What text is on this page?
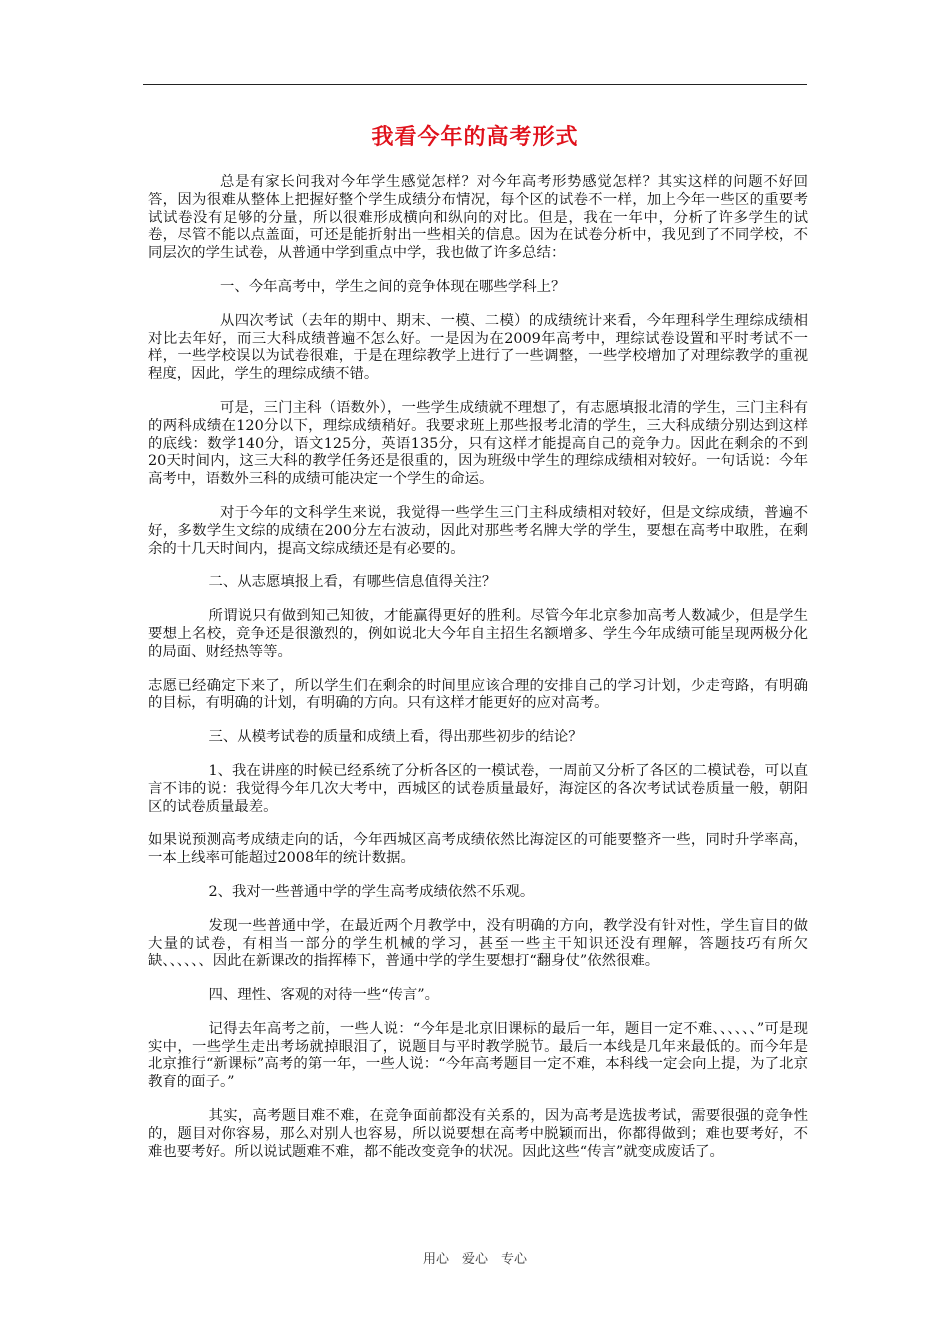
我看今年的高考形式

总是有家长问我对今年学生感觉怎样？对今年高考形势感觉怎样？其实这样的问题不好回答，因为很难从整体上把握好整个学生成绩分布情况，每个区的试卷不一样，加上今年一些区的重要考试试卷没有足够的分量，所以很难形成横向和纵向的对比。但是，我在一年中，分析了许多学生的试卷，尽管不能以点盖面，可还是能折射出一些相关的信息。因为在试卷分析中，我见到了不同学校，不同层次的学生试卷，从普通中学到重点中学，我也做了许多总结：

一、今年高考中，学生之间的竞争体现在哪些学科上？

从四次考试（去年的期中、期末、一模、二模）的成绩统计来看，今年理科学生理综成绩相对比去年好，而三大科成绩普遍不怎么好。一是因为在2009年高考中，理综试卷设置和平时考试不一样，一些学校误以为试卷很难，于是在理综教学上进行了一些调整，一些学校增加了对理综教学的重视程度，因此，学生的理综成绩不错。

可是，三门主科（语数外），一些学生成绩就不理想了，有志愿填报北清的学生，三门主科有的两科成绩在120分以下，理综成绩稍好。我要求班上那些报考北清的学生，三大科成绩分别达到这样的底线：数学140分，语文125分，英语135分，只有这样才能提高自己的竞争力。因此在剩余的不到20天时间内，这三大科的教学任务还是很重的，因为班级中学生的理综成绩相对较好。一句话说：今年高考中，语数外三科的成绩可能决定一个学生的命运。

对于今年的文科学生来说，我觉得一些学生三门主科成绩相对较好，但是文综成绩，普遍不好，多数学生文综的成绩在200分左右波动，因此对那些考名牌大学的学生，要想在高考中取胜，在剩余的十几天时间内，提高文综成绩还是有必要的。

二、从志愿填报上看，有哪些信息值得关注？

所谓说只有做到知己知彼，才能赢得更好的胜利。尽管今年北京参加高考人数减少，但是学生要想上名校，竞争还是很激烈的，例如说北大今年自主招生名额增多、学生今年成绩可能呈现两极分化的局面、财经热等等。

志愿已经确定下来了，所以学生们在剩余的时间里应该合理的安排自己的学习计划，少走弯路，有明确的目标，有明确的计划，有明确的方向。只有这样才能更好的应对高考。

三、从模考试卷的质量和成绩上看，得出那些初步的结论？

1、我在讲座的时候已经系统了分析各区的一模试卷，一周前又分析了各区的二模试卷，可以直言不讳的说：我觉得今年几次大考中，西城区的试卷质量最好，海淀区的各次考试试卷质量一般，朝阳区的试卷质量最差。

如果说预测高考成绩走向的话，今年西城区高考成绩依然比海淀区的可能要整齐一些，同时升学率高，一本上线率可能超过2008年的统计数据。

2、我对一些普通中学的学生高考成绩依然不乐观。

发现一些普通中学，在最近两个月教学中，没有明确的方向，教学没有针对性，学生盲目的做大量的试卷，有相当一部分的学生机械的学习，甚至一些主干知识还没有理解，答题技巧有所欠缺、、、、、、因此在新课改的指挥棒下，普通中学的学生要想打“翻身仗”依然很难。

四、理性、客观的对待一些“传言”。

记得去年高考之前，一些人说：“今年是北京旧课标的最后一年，题目一定不难、、、、、、”可是现实中，一些学生走出考场就掉眼泪了，说题目与平时教学脱节。最后一本线是几年来最低的。而今年是北京推行“新课标”高考的第一年，一些人说：“今年高考题目一定不难，本科线一定会向上提，为了北京教育的面子。”

其实，高考题目难不难，在竞争面前都没有关系的，因为高考是选拔考试，需要很强的竞争性的，题目对你容易，那么对别人也容易，所以说要想在高考中脱颖而出，你都得做到；难也要考好，不难也要考好。所以说试题难不难，都不能改变竞争的状况。因此这些“传言”就变成废话了。

用心　爱心　专心
